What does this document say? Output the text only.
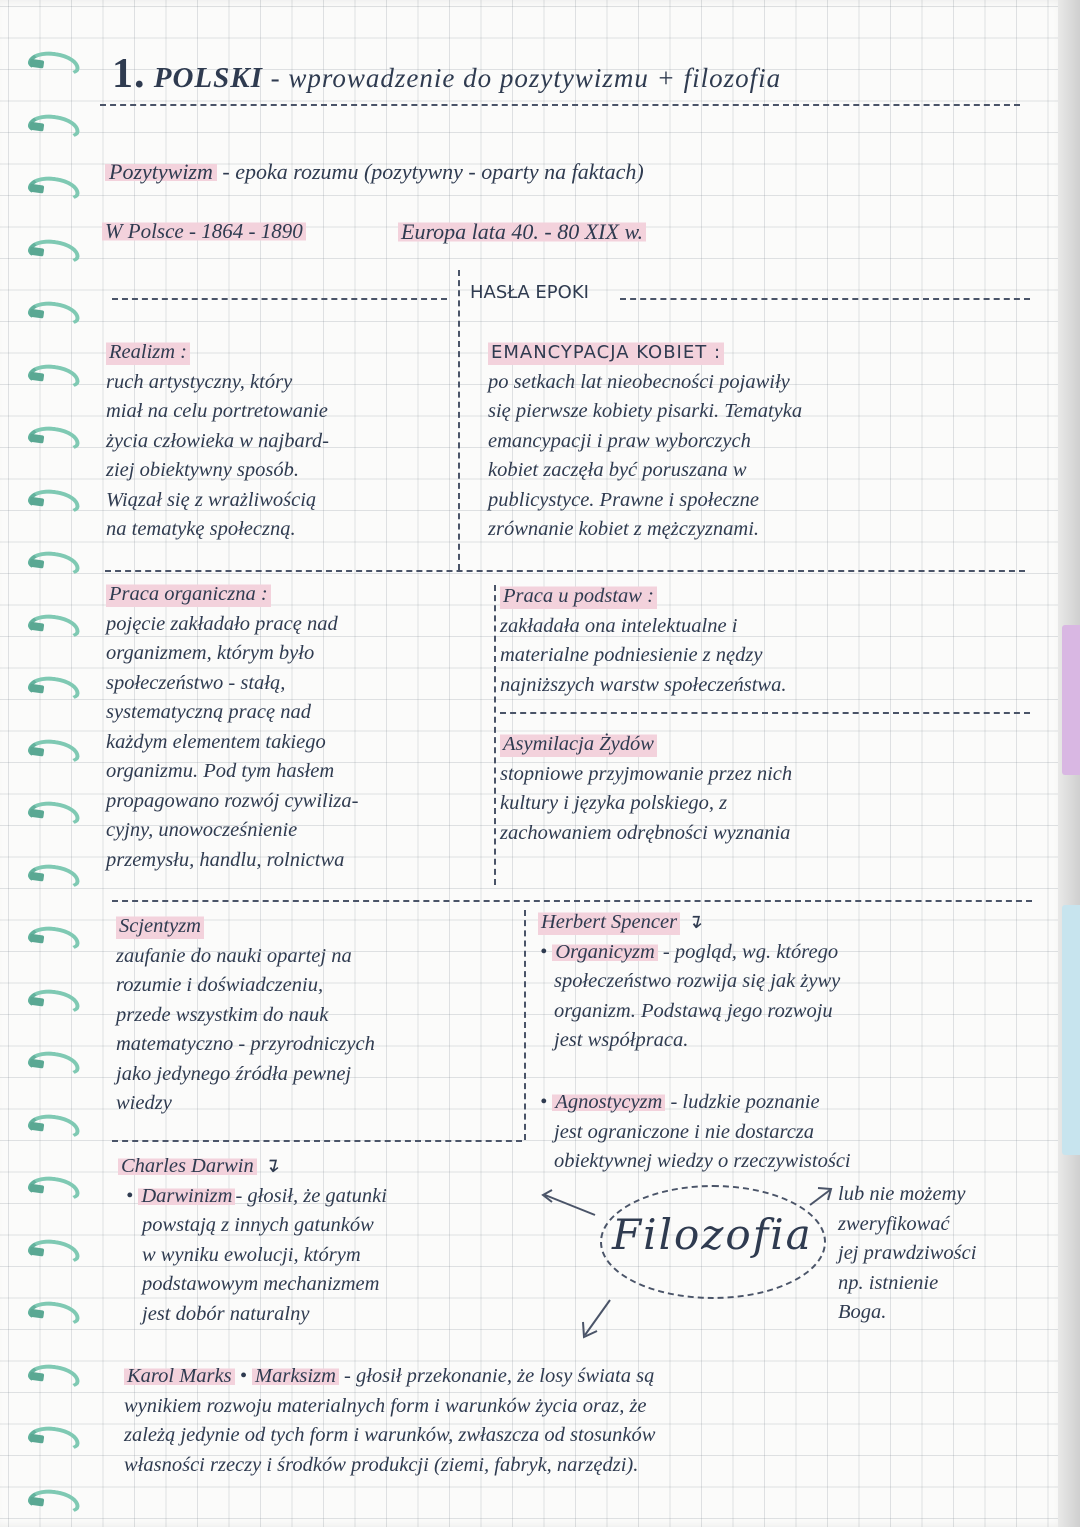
1. POLSKI - wprowadzenie do pozytywizmu + filozofia
Pozytywizm - epoka rozumu (pozytywny - oparty na faktach)
W Polsce - 1864 - 1890	Europa lata 40. - 80 XIX w.
HASŁA EPOKI
Realizm :
ruch artystyczny, który
miał na celu portretowanie
życia człowieka w najbard-
ziej obiektywny sposób.
Wiązał się z wrażliwością
na tematykę społeczną.
EMANCYPACJA KOBIET :
po setkach lat nieobecności pojawiły
się pierwsze kobiety pisarki. Tematyka
emancypacji i praw wyborczych
kobiet zaczęła być poruszana w
publicystyce. Prawne i społeczne
zrównanie kobiet z mężczyznami.
Praca organiczna :
pojęcie zakładało pracę nad
organizmem, którym było
społeczeństwo - stałą,
systematyczną pracę nad
każdym elementem takiego
organizmu. Pod tym hasłem
propagowano rozwój cywiliza-
cyjny, unowocześnienie
przemysłu, handlu, rolnictwa
Praca u podstaw :
zakładała ona intelektualne i
materialne podniesienie z nędzy
najniższych warstw społeczeństwa.
Asymilacja Żydów
stopniowe przyjmowanie przez nich
kultury i języka polskiego, z
zachowaniem odrębności wyznania
Scjentyzm
zaufanie do nauki opartej na
rozumie i doświadczeniu,
przede wszystkim do nauk
matematyczno - przyrodniczych
jako jedynego źródła pewnej
wiedzy
Herbert Spencer ↴
• Organicyzm - pogląd, wg. którego
społeczeństwo rozwija się jak żywy
organizm. Podstawą jego rozwoju
jest współpraca.
• Agnostycyzm - ludzkie poznanie
jest ograniczone i nie dostarcza
obiektywnej wiedzy o rzeczywistości
lub nie możemy
zweryfikować
jej prawdziwości
np. istnienie
Boga.
Charles Darwin ↴
• Darwinizm - głosił, że gatunki
powstają z innych gatunków
w wyniku ewolucji, którym
podstawowym mechanizmem
jest dobór naturalny
Filozofia
Karol Marks • Marksizm - głosił przekonanie, że losy świata są
wynikiem rozwoju materialnych form i warunków życia oraz, że
zależą jedynie od tych form i warunków, zwłaszcza od stosunków
własności rzeczy i środków produkcji (ziemi, fabryk, narzędzi).
